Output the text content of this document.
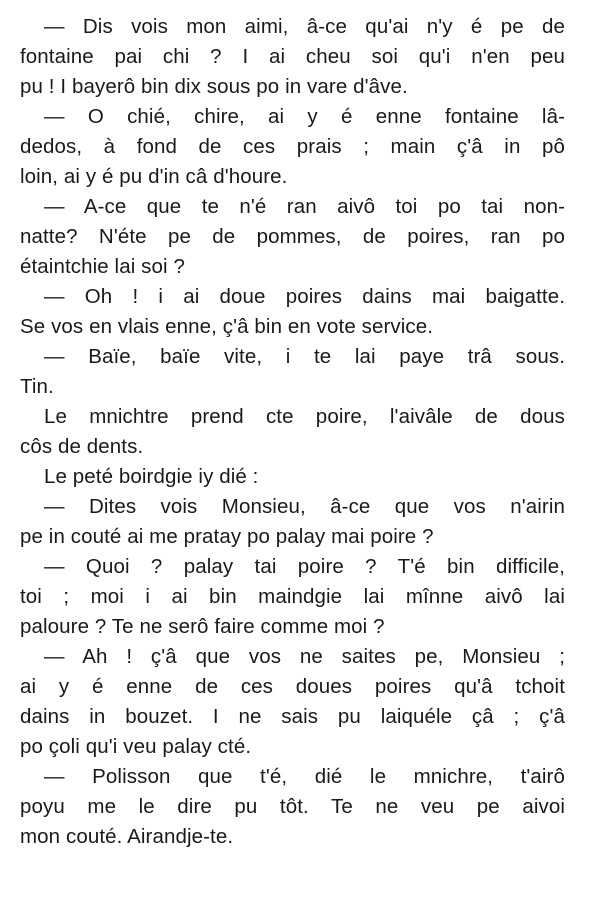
— Dis vois mon aimi, â-ce qu'ai n'y é pe de
fontaine pai chi ? I ai cheu soi qu'i n'en peu
pu ! I bayerô bin dix sous po in vare d'âve.

— O chié, chire, ai y é enne fontaine lâ-
dedos, à fond de ces prais ; main ç'â in pô
loin, ai y é pu d'in câ d'houre.

— A-ce que te n'é ran aivô toi po tai non-
natte? N'éte pe de pommes, de poires, ran po
étaintchie lai soi ?

— Oh ! i ai doue poires dains mai baigatte.
Se vos en vlais enne, ç'â bin en vote service.

— Baïe, baïe vite, i te lai paye trâ sous.
Tin.

Le mnichtre prend cte poire, l'aivâle de dous
côs de dents.

Le peté boirdgie iy dié :

— Dites vois Monsieu, â-ce que vos n'airin
pe in couté ai me pratay po palay mai poire ?

— Quoi ? palay tai poire ? T'é bin difficile,
toi ; moi i ai bin maindgie lai mînne aivô lai
paloure ? Te ne serô faire comme moi ?

— Ah ! ç'â que vos ne saites pe, Monsieu ;
ai y é enne de ces doues poires qu'â tchoit
dains in bouzet. I ne sais pu laiquéle çâ ; ç'â
po çoli qu'i veu palay cté.

— Polisson que t'é, dié le mnichre, t'airô
poyu me le dire pu tôt. Te ne veu pe aivoi
mon couté. Airandje-te.
